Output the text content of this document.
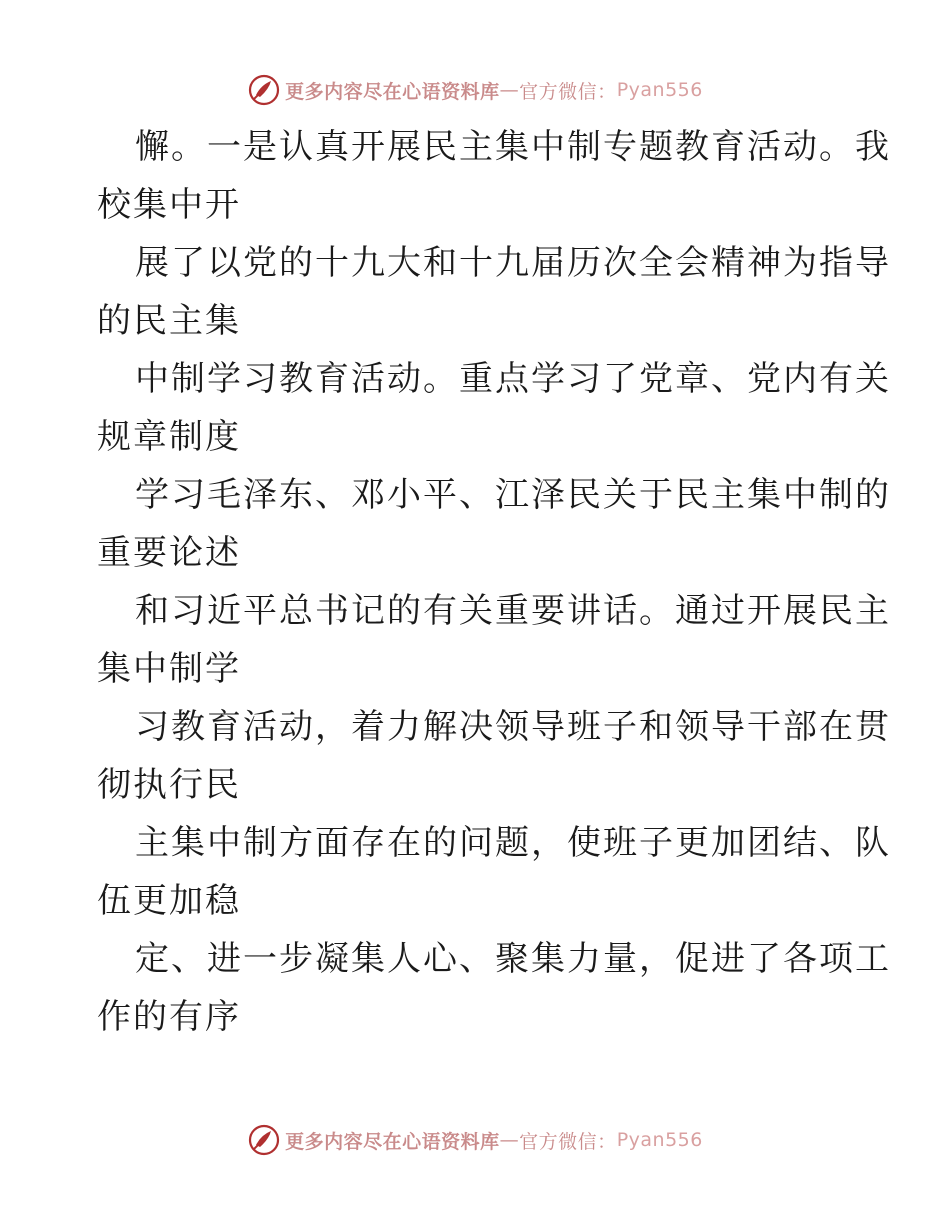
更多内容尽在心语资料库 — 官方微信： Pyan556
懈。一是认真开展民主集中制专题教育活动。我
校集中开
展了以党的十九大和十九届历次全会精神为指导
的民主集
中制学习教育活动。重点学习了党章、党内有关
规章制度
学习毛泽东、邓小平、江泽民关于民主集中制的
重要论述
和习近平总书记的有关重要讲话。通过开展民主
集中制学
习教育活动，着力解决领导班子和领导干部在贯
彻执行民
主集中制方面存在的问题，使班子更加团结、队
伍更加稳
定、进一步凝集人心、聚集力量，促进了各项工
作的有序
更多内容尽在心语资料库 — 官方微信： Pyan556
